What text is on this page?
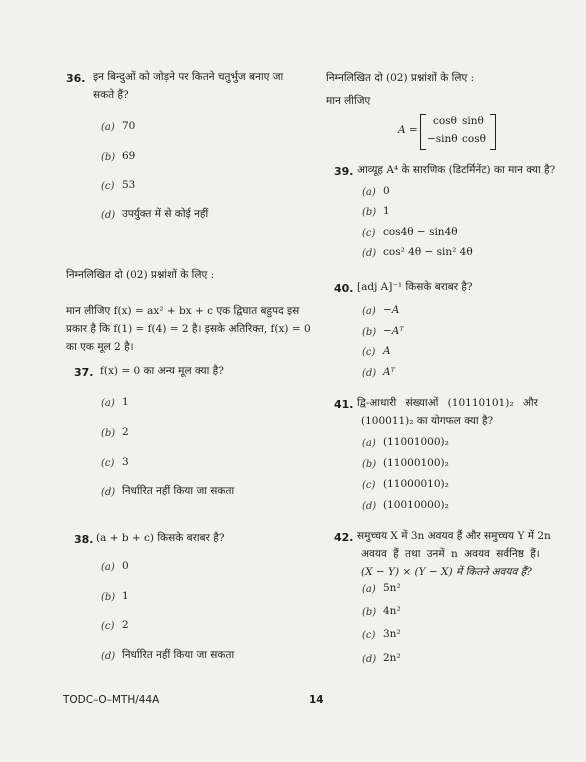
36. इन बिन्दुओं को जोड़ने पर कितने चतुर्भुज बनाए जा
सकते हैं?
(a) 70
(b) 69
(c) 53
(d) उपर्युक्त में से कोई नहीं
निम्नलिखित दो (02) प्रश्नांशों के लिए :
मान लीजिए f(x) = ax² + bx + c एक द्विघात बहुपद इस
प्रकार है कि f(1) = f(4) = 2 है। इसके अतिरिक्त, f(x) = 0
का एक मूल 2 है।
37. f(x) = 0 का अन्य मूल क्या है?
(a) 1
(b) 2
(c) 3
(d) निर्धारित नहीं किया जा सकता
38. (a + b + c) किसके बराबर है?
(a) 0
(b) 1
(c) 2
(d) निर्धारित नहीं किया जा सकता
निम्नलिखित दो (02) प्रश्नांशों के लिए :
मान लीजिए
A =
cosθ sinθ
−sinθ cosθ
39. आव्यूह A⁴ के सारणिक (डिटर्मिनेंट) का मान क्या है?
(a) 0
(b) 1
(c) cos4θ − sin4θ
(d) cos² 4θ − sin² 4θ
40. [adj A]⁻¹ किसके बराबर है?
(a) −A
(b) −Aᵀ
(c) A
(d) Aᵀ
41. द्वि-आधारी संख्याओं (10110101)₂ और
(100011)₂ का योगफल क्या है?
(a) (11001000)₂
(b) (11000100)₂
(c) (11000010)₂
(d) (10010000)₂
42. समुच्चय X में 3n अवयव हैं और समुच्चय Y में 2n
अवयव हैं तथा उनमें n अवयव सर्वनिष्ठ हैं।
(X − Y) × (Y − X) में कितने अवयव हैं?
(a) 5n²
(b) 4n²
(c) 3n²
(d) 2n²
TODC–O–MTH/44A	14
